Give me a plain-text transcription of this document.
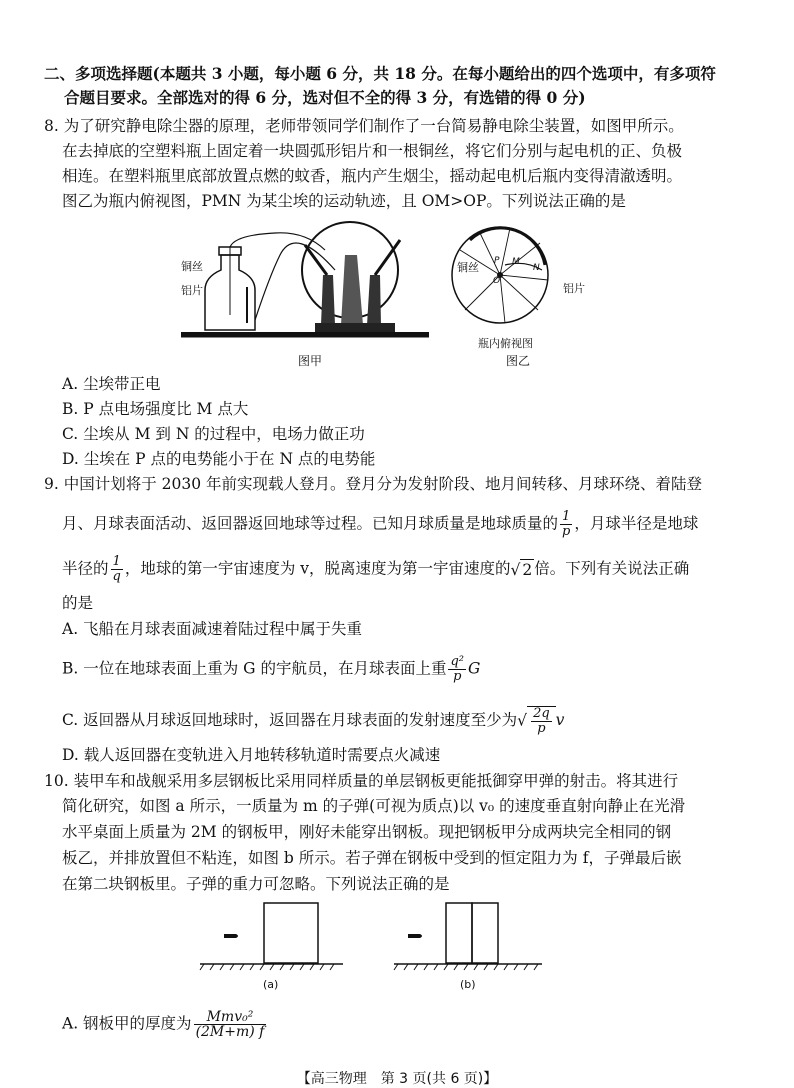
二、多项选择题(本题共 3 小题，每小题 6 分，共 18 分。在每小题给出的四个选项中，有多项符
合题目要求。全部选对的得 6 分，选对但不全的得 3 分，有选错的得 0 分)
8. 为了研究静电除尘器的原理，老师带领同学们制作了一台简易静电除尘装置，如图甲所示。
在去掉底的空塑料瓶上固定着一块圆弧形铝片和一根铜丝，将它们分别与起电机的正、负极
相连。在塑料瓶里底部放置点燃的蚊香，瓶内产生烟尘，摇动起电机后瓶内变得清澈透明。
图乙为瓶内俯视图，PMN 为某尘埃的运动轨迹，且 OM>OP。下列说法正确的是
铜丝
铝片
图甲
铜丝
铝片
P M
N
O
瓶内俯视图
图乙
A. 尘埃带正电
B. P 点电场强度比 M 点大
C. 尘埃从 M 到 N 的过程中，电场力做正功
D. 尘埃在 P 点的电势能小于在 N 点的电势能
9. 中国计划将于 2030 年前实现载人登月。登月分为发射阶段、地月间转移、月球环绕、着陆登
月、月球表面活动、返回器返回地球等过程。已知月球质量是地球质量的 $\frac{1}{p}$ ，月球半径是地球
半径的 $\frac{1}{q}$ ，地球的第一宇宙速度为 v，脱离速度为第一宇宙速度的√ 2 倍。下列有关说法正确
的是
A. 飞船在月球表面减速着陆过程中属于失重
B. 一位在地球表面上重为 G 的宇航员，在月球表面上重 $\frac{\text{q²}}{p}$ G
C. 返回器从月球返回地球时，返回器在月球表面的发射速度至少为√ $\frac{2q}{p}$ v
D. 载人返回器在变轨进入月地转移轨道时需要点火减速
10. 装甲车和战舰采用多层钢板比采用同样质量的单层钢板更能抵御穿甲弹的射击。将其进行
简化研究，如图 a 所示，一质量为 m 的子弹(可视为质点)以 v₀ 的速度垂直射向静止在光滑
水平桌面上质量为 2M 的钢板甲，刚好未能穿出钢板。现把钢板甲分成两块完全相同的钢
板乙，并排放置但不粘连，如图 b 所示。若子弹在钢板中受到的恒定阻力为 f，子弹最后嵌
在第二块钢板里。子弹的重力可忽略。下列说法正确的是
(a)	(b)
A. 钢板甲的厚度为 $\frac{\text{Mmv₀²}}{(2M+m) f}$
【高三物理　第 3 页(共 6 页)】
